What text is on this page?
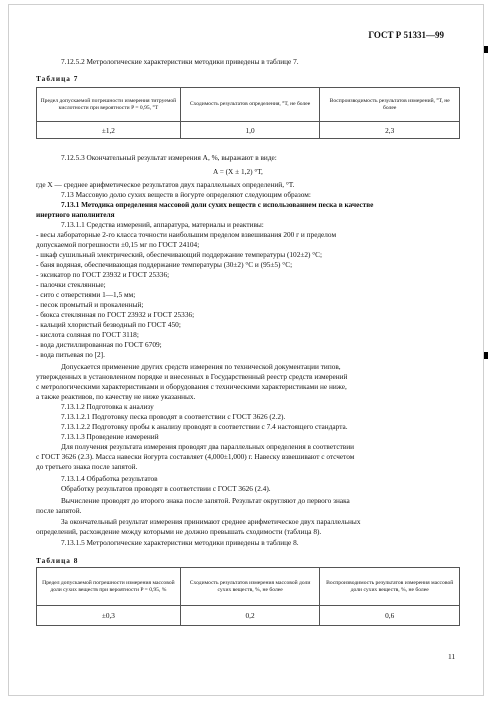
ГОСТ Р 51331—99
7.12.5.2 Метрологические характеристики методики приведены в таблице 7.
Таблица 7
Предел допускаемой погрешности измерения титруемой кислотности при вероятности P = 0,95, °Т	Сходимость результатов определения, °Т, не более	Воспроизводимость результатов измерений, °Т, не более
±1,2	1,0	2,3
7.12.5.3 Окончательный результат измерения A, %, выражают в виде:
A = (X ± 1,2) °Т,
где X — среднее арифметическое результатов двух параллельных определений, °Т.
7.13 Массовую долю сухих веществ в йогурте определяют следующим образом:
7.13.1 Методика определения массовой доли сухих веществ с использованием песка в качестве
инертного наполнителя
7.13.1.1 Средства измерений, аппаратура, материалы и реактивы:
- весы лабораторные 2-го класса точности наибольшим пределом взвешивания 200 г и пределом
допускаемой погрешности ±0,15 мг по ГОСТ 24104;
- шкаф сушильный электрический, обеспечивающий поддержание температуры (102±2) °С;
- баня водяная, обеспечивающая поддержание температуры (30±2) °С и (95±5) °С;
- эксикатор по ГОСТ 23932 и ГОСТ 25336;
- палочки стеклянные;
- сито с отверстиями 1—1,5 мм;
- песок промытый и прокаленный;
- бюкса стеклянная по ГОСТ 23932 и ГОСТ 25336;
- кальций хлористый безводный по ГОСТ 450;
- кислота соляная по ГОСТ 3118;
- вода дистиллированная по ГОСТ 6709;
- вода питьевая по [2].
Допускается применение других средств измерения по технической документации типов,
утвержденных в установленном порядке и внесенных в Государственный реестр средств измерений
с метрологическими характеристиками и оборудования с техническими характеристиками не ниже,
а также реактивов, по качеству не ниже указанных.
7.13.1.2 Подготовка к анализу
7.13.1.2.1 Подготовку песка проводят в соответствии с ГОСТ 3626 (2.2).
7.13.1.2.2 Подготовку пробы к анализу проводят в соответствии с 7.4 настоящего стандарта.
7.13.1.3 Проведение измерений
Для получения результата измерения проводят два параллельных определения в соответствии
с ГОСТ 3626 (2.3). Масса навески йогурта составляет (4,000±1,000) г. Навеску взвешивают с отсчетом
до третьего знака после запятой.
7.13.1.4 Обработка результатов
Обработку результатов проводят в соответствии с ГОСТ 3626 (2.4).
Вычисление проводят до второго знака после запятой. Результат округляют до первого знака
после запятой.
За окончательный результат измерения принимают среднее арифметическое двух параллельных
определений, расхождение между которыми не должно превышать сходимости (таблица 8).
7.13.1.5 Метрологические характеристики методики приведены в таблице 8.
Таблица 8
Предел допускаемой погрешности измерения массовой доли сухих веществ при вероятности P = 0,95, %	Сходимость результатов измерения массовой доли сухих веществ, %, не более	Воспроизводимость результатов измерения массовой доли сухих веществ, %, не более
±0,3	0,2	0,6
11
